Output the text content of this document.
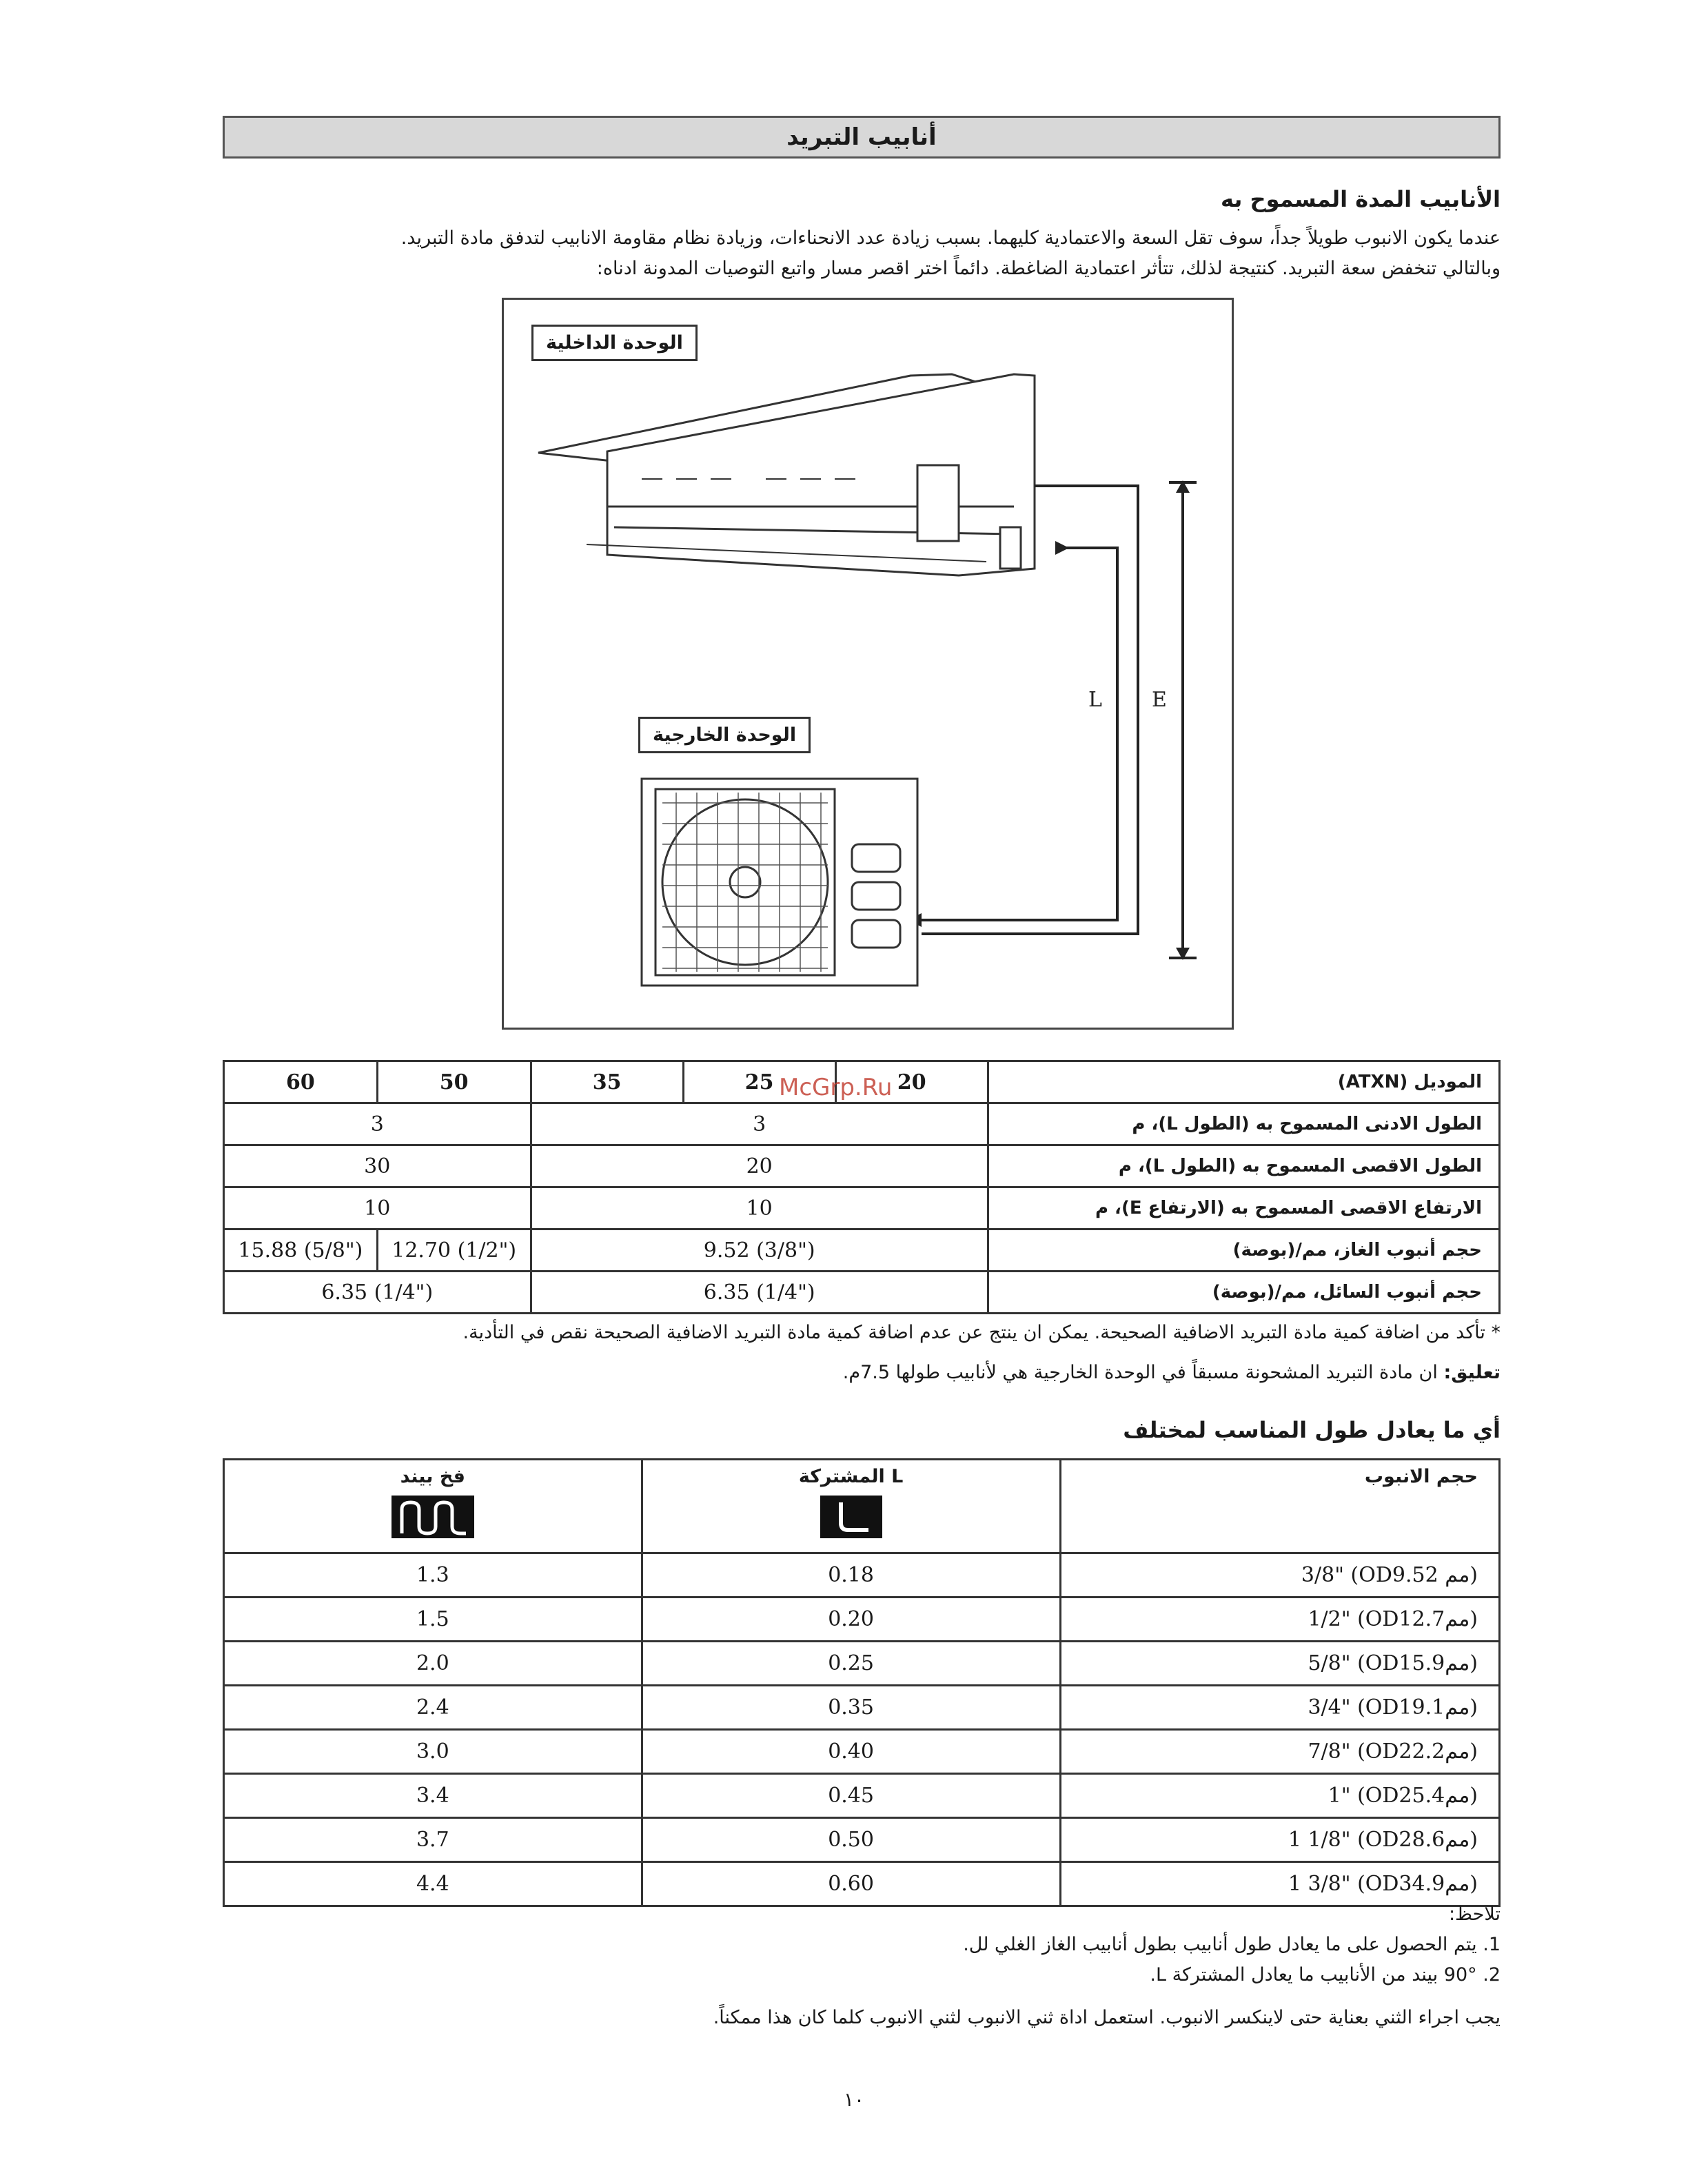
أنابيب التبريد
الأنابيب المدة المسموح به
عندما يكون الانبوب طويلاً جداً، سوف تقل السعة والاعتمادية كليهما. بسبب زيادة عدد الانحناءات، وزيادة نظام مقاومة الانابيب لتدفق مادة التبريد.
وبالتالي تنخفض سعة التبريد. كنتيجة لذلك، تتأثر اعتمادية الضاغطة. دائماً اختر اقصر مسار واتبع التوصيات المدونة ادناه:
L E
الوحدة الداخلية
الوحدة الخارجية
60	50	35	25	20	الموديل (ATXN)
3		3			الطول الادنى المسموح به (الطول L)، م
30		20			الطول الاقصى المسموح به (الطول L)، م
10		10			الارتفاع الاقصى المسموح به (الارتفاع E)، م
15.88 (5/8")	12.70 (1/2")	9.52 (3/8")			حجم أنبوب الغاز، مم/(بوصة)
6.35 (1/4")		6.35 (1/4")			حجم أنبوب السائل، مم/(بوصة)
McGrp.Ru
* تأكد من اضافة كمية مادة التبريد الاضافية الصحيحة. يمكن ان ينتج عن عدم اضافة كمية مادة التبريد الاضافية الصحيحة نقص في التأدية.
تعليق: ان مادة التبريد المشحونة مسبقاً في الوحدة الخارجية هي لأنابيب طولها 7.5م.
أي ما يعادل طول المناسب لمختلف
فخ بيند	L المشتركة	حجم الانبوب
1.3	0.18	3/8" (OD9.52 مم)
1.5	0.20	1/2" (OD12.7مم)
2.0	0.25	5/8" (OD15.9مم)
2.4	0.35	3/4" (OD19.1مم)
3.0	0.40	7/8" (OD22.2مم)
3.4	0.45	1" (OD25.4مم)
3.7	0.50	1 1/8" (OD28.6مم)
4.4	0.60	1 3/8" (OD34.9مم)
تلاحظ:
1. يتم الحصول على ما يعادل طول أنابيب بطول أنابيب الغاز الغلي لل.
2. 90° بيند من الأنابيب ما يعادل المشتركة L.
يجب اجراء الثني بعناية حتى لاينكسر الانبوب. استعمل اداة ثني الانبوب لثني الانبوب كلما كان هذا ممكناً.
١٠
